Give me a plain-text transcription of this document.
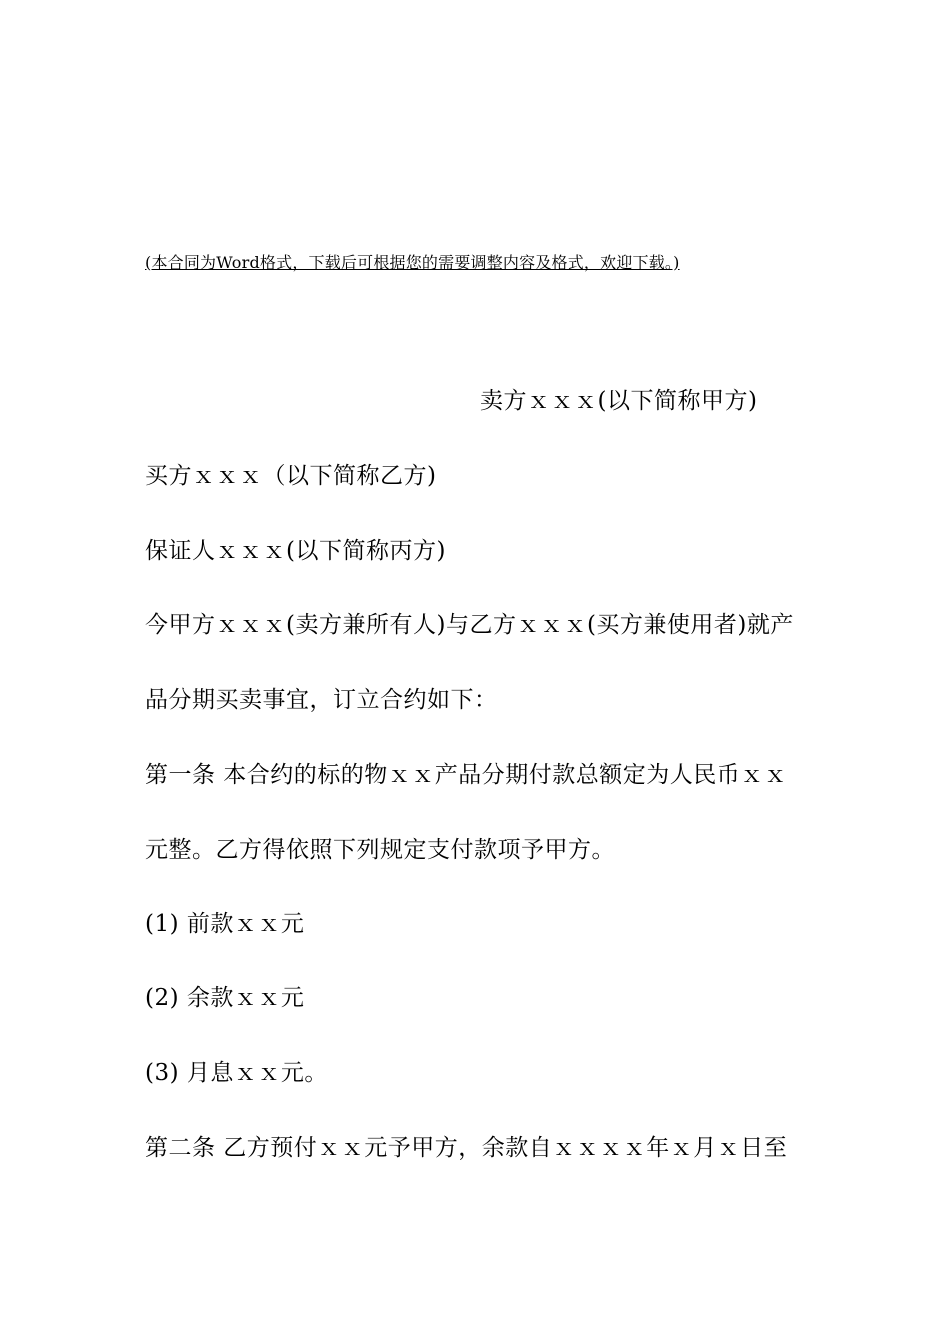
(本合同为Word格式，下载后可根据您的需要调整内容及格式，欢迎下载。)
卖方ｘｘｘ(以下简称甲方)
买方ｘｘｘ（以下简称乙方)
保证人ｘｘｘ(以下简称丙方)
今甲方ｘｘｘ(卖方兼所有人)与乙方ｘｘｘ(买方兼使用者)就产
品分期买卖事宜，订立合约如下：
第一条 本合约的标的物ｘｘ产品分期付款总额定为人民币ｘｘ
元整。乙方得依照下列规定支付款项予甲方。
(1) 前款ｘｘ元
(2) 余款ｘｘ元
(3) 月息ｘｘ元。
第二条 乙方预付ｘｘ元予甲方，余款自ｘｘｘｘ年ｘ月ｘ日至
